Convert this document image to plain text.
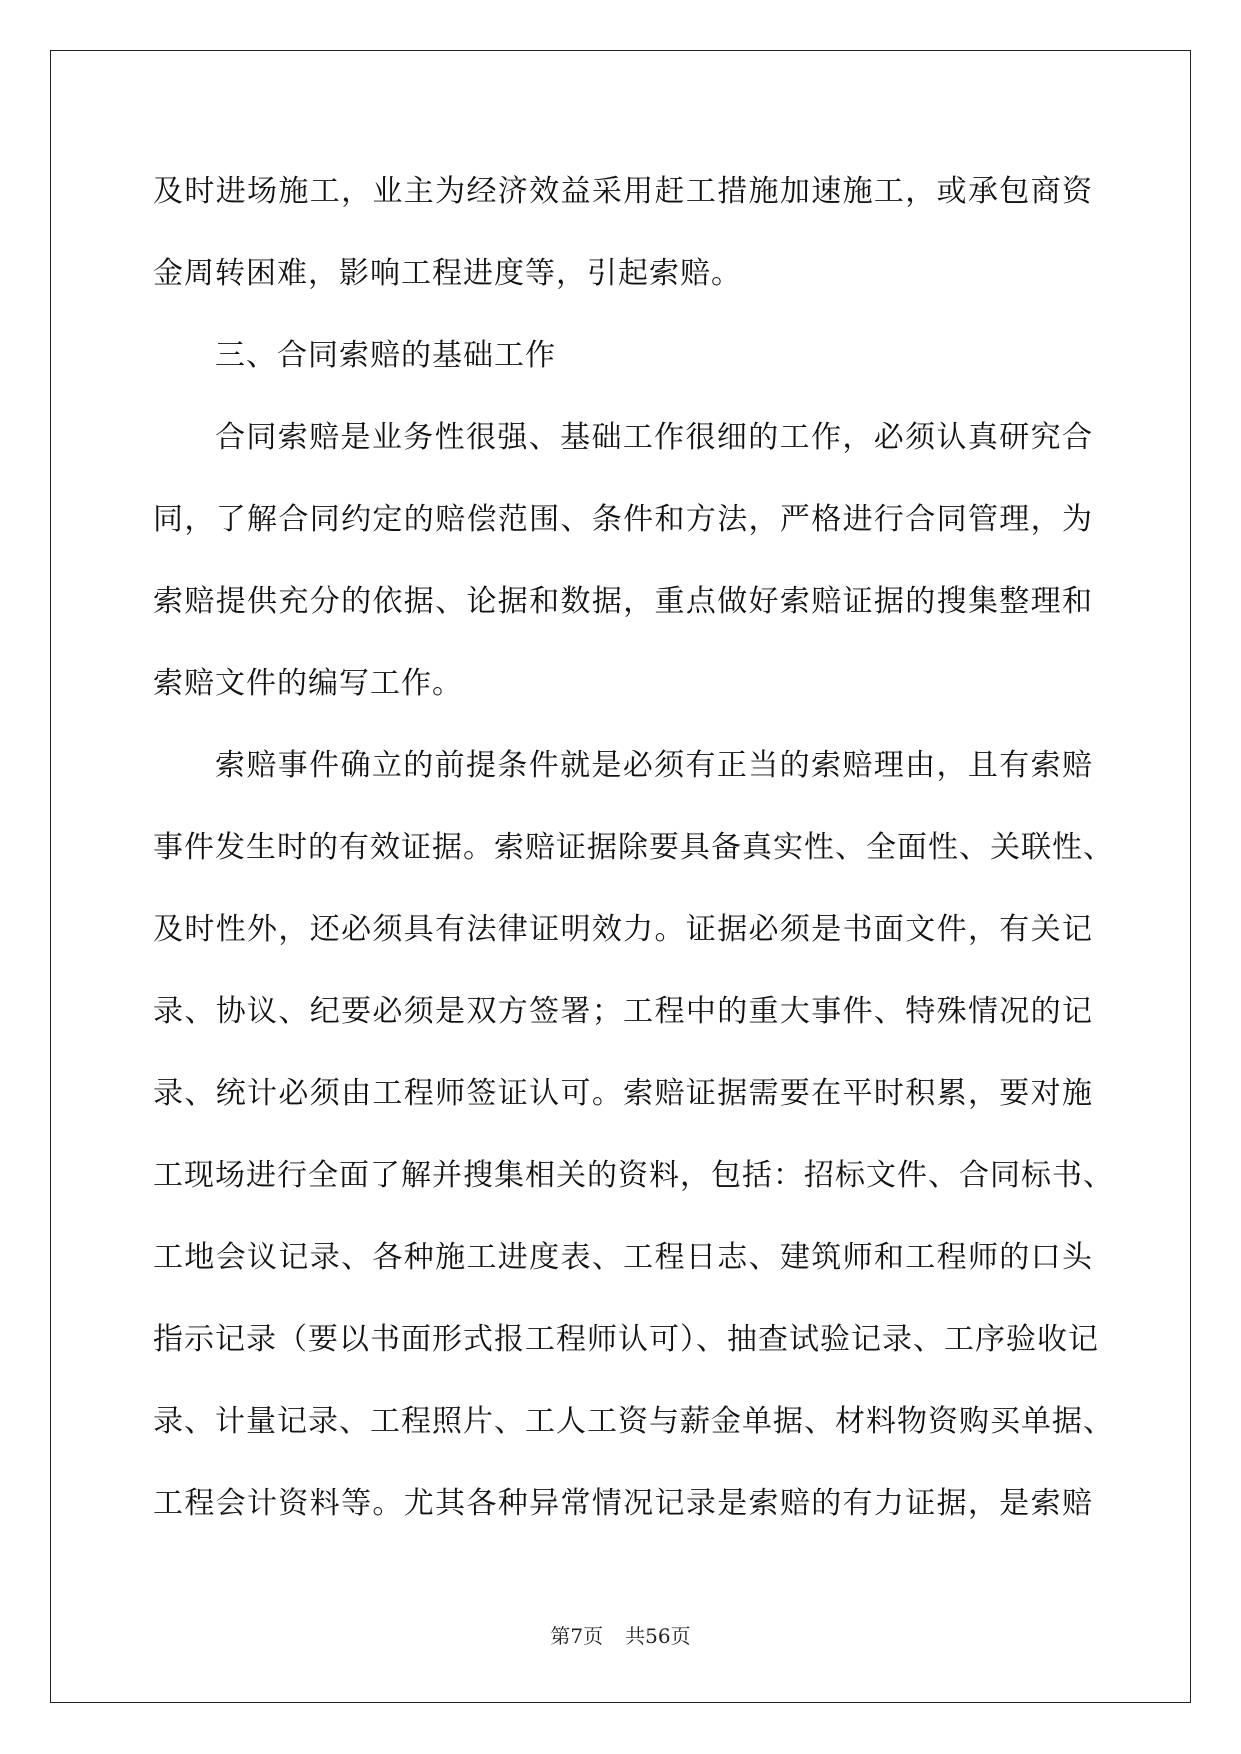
及时进场施工，业主为经济效益采用赶工措施加速施工，或承包商资
金周转困难，影响工程进度等，引起索赔。
三、合同索赔的基础工作
合同索赔是业务性很强、基础工作很细的工作，必须认真研究合
同，了解合同约定的赔偿范围、条件和方法，严格进行合同管理，为
索赔提供充分的依据、论据和数据，重点做好索赔证据的搜集整理和
索赔文件的编写工作。
索赔事件确立的前提条件就是必须有正当的索赔理由，且有索赔
事件发生时的有效证据。索赔证据除要具备真实性、全面性、关联性、
及时性外，还必须具有法律证明效力。证据必须是书面文件，有关记
录、协议、纪要必须是双方签署；工程中的重大事件、特殊情况的记
录、统计必须由工程师签证认可。索赔证据需要在平时积累，要对施
工现场进行全面了解并搜集相关的资料，包括：招标文件、合同标书、
工地会议记录、各种施工进度表、工程日志、建筑师和工程师的口头
指示记录（要以书面形式报工程师认可）、抽查试验记录、工序验收记
录、计量记录、工程照片、工人工资与薪金单据、材料物资购买单据、
工程会计资料等。尤其各种异常情况记录是索赔的有力证据，是索赔
第7页 共56页
